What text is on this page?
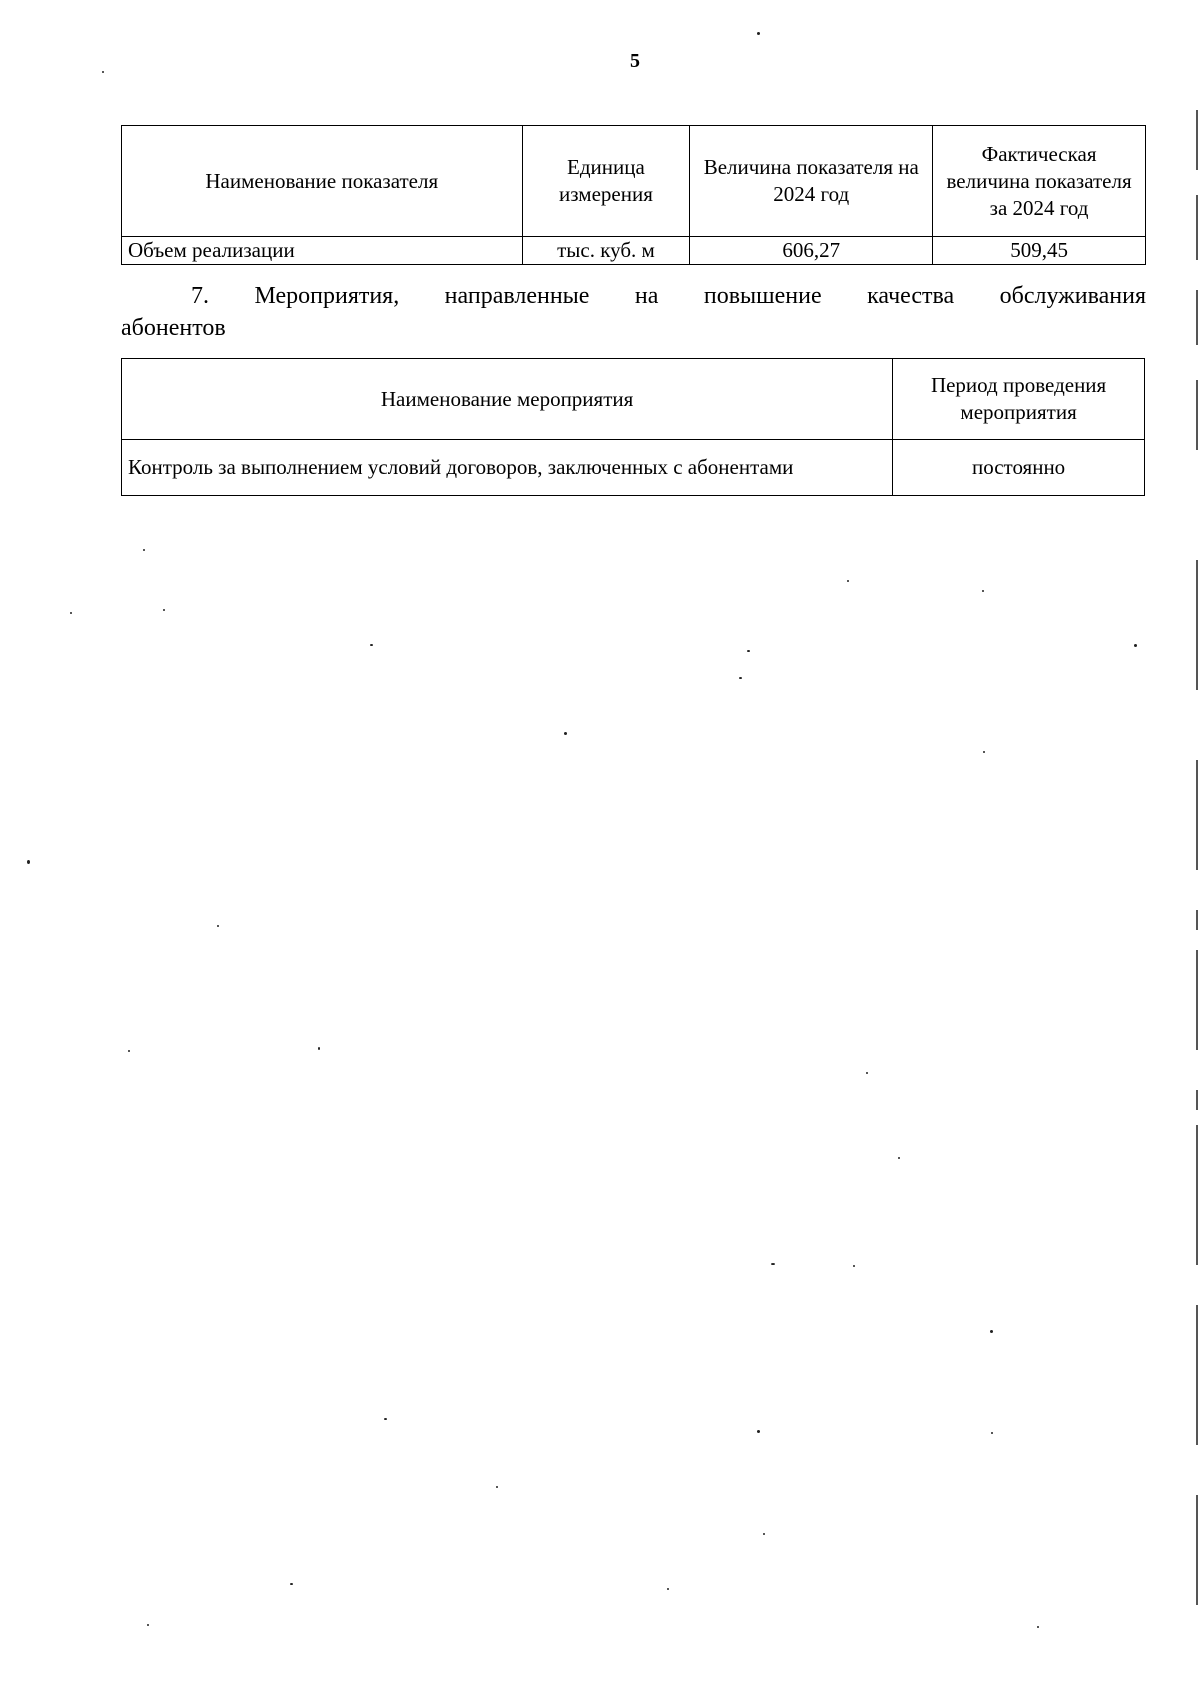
5
Наименование показателя	Единица измерения	Величина показателя на 2024 год	Фактическая величина показателя за 2024 год
Объем реализации	тыс. куб. м	606,27	509,45
7. Мероприятия, направленные на повышение качества обслуживания
абонентов
Наименование мероприятия	Период проведения мероприятия
Контроль за выполнением условий договоров, заключенных с абонентами	постоянно
